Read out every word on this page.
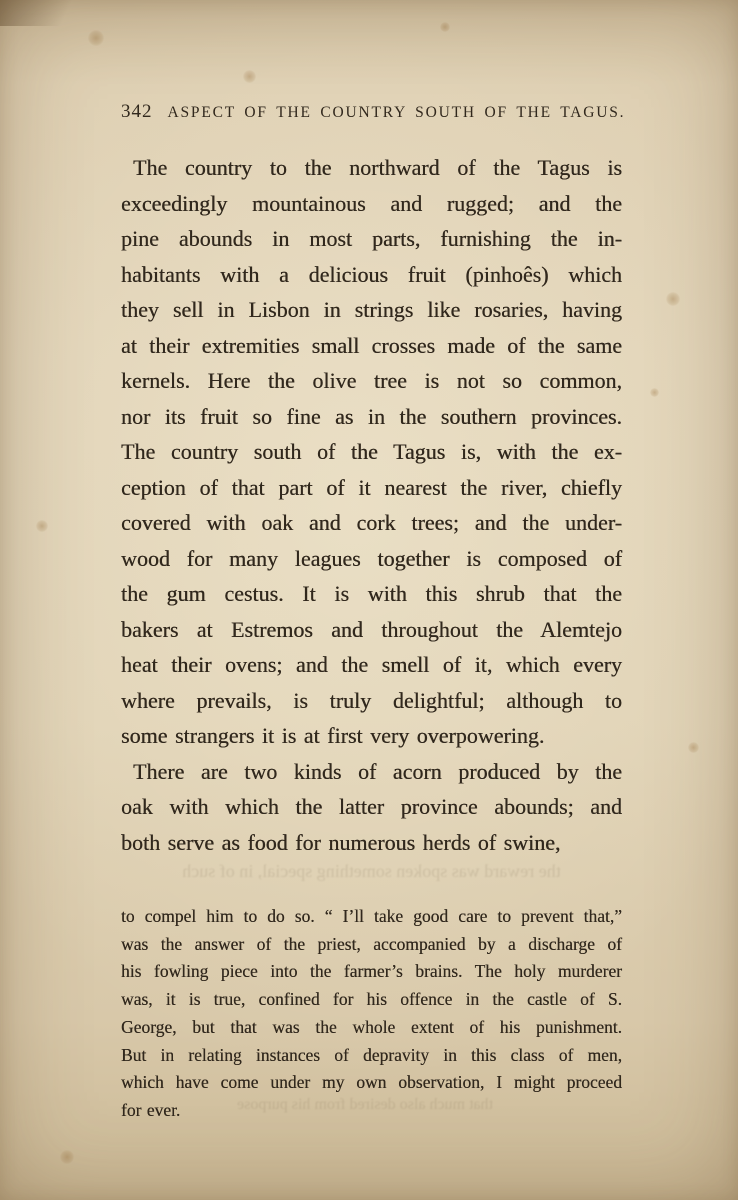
342 ASPECT OF THE COUNTRY SOUTH OF THE TAGUS.
The country to the northward of the Tagus is
exceedingly mountainous and rugged; and the
pine abounds in most parts, furnishing the in-
habitants with a delicious fruit (pinhoês) which
they sell in Lisbon in strings like rosaries, having
at their extremities small crosses made of the same
kernels. Here the olive tree is not so common,
nor its fruit so fine as in the southern provinces.
The country south of the Tagus is, with the ex-
ception of that part of it nearest the river, chiefly
covered with oak and cork trees; and the under-
wood for many leagues together is composed of
the gum cestus. It is with this shrub that the
bakers at Estremos and throughout the Alemtejo
heat their ovens; and the smell of it, which every
where prevails, is truly delightful; although to
some strangers it is at first very overpowering.
There are two kinds of acorn produced by the
oak with which the latter province abounds; and
both serve as food for numerous herds of swine,
the reward was spoken something special, in of such
to compel him to do so. “ I’ll take good care to prevent that,”
was the answer of the priest, accompanied by a discharge of
his fowling piece into the farmer’s brains. The holy murderer
was, it is true, confined for his offence in the castle of S.
George, but that was the whole extent of his punishment.
But in relating instances of depravity in this class of men,
which have come under my own observation, I might proceed
for ever.	that much also desired from his purpose
